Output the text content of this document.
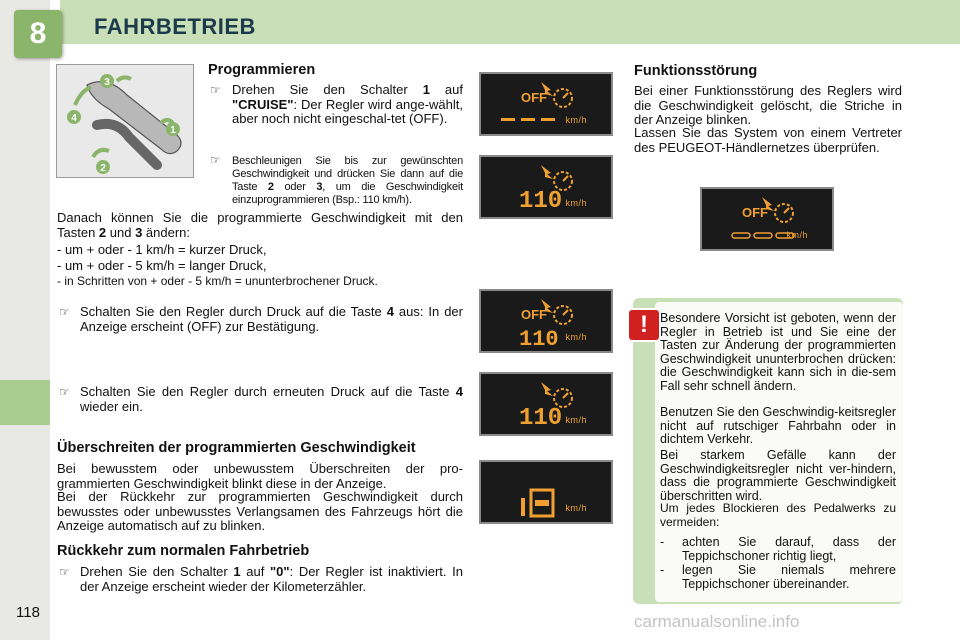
8	FAHRBETRIEB
3
4
1
2
Programmieren
☞ Drehen Sie den Schalter 1 auf "CRUISE": Der Regler wird ange-wählt, aber noch nicht eingeschal-tet (OFF).
☞ Beschleunigen Sie bis zur gewünschten Geschwindigkeit und drücken Sie dann auf die Taste 2 oder 3, um die Geschwindigkeit einzuprogrammieren (Bsp.: 110 km/h).
Danach können Sie die programmierte Geschwindigkeit mit den Tasten 2 und 3 ändern:
- um + oder - 1 km/h = kurzer Druck,
- um + oder - 5 km/h = langer Druck,
- in Schritten von + oder - 5 km/h = ununterbrochener Druck.
☞ Schalten Sie den Regler durch Druck auf die Taste 4 aus: In der Anzeige erscheint (OFF) zur Bestätigung.
☞ Schalten Sie den Regler durch erneuten Druck auf die Taste 4 wieder ein.
Überschreiten der programmierten Geschwindigkeit
Bei bewusstem oder unbewusstem Überschreiten der pro-grammierten Geschwindigkeit blinkt diese in der Anzeige.
Bei der Rückkehr zur programmierten Geschwindigkeit durch bewusstes oder unbewusstes Verlangsamen des Fahrzeugs hört die Anzeige automatisch auf zu blinken.
Rückkehr zum normalen Fahrbetrieb
☞ Drehen Sie den Schalter 1 auf "0": Der Regler ist inaktiviert. In der Anzeige erscheint wieder der Kilometerzähler.
OFF
km/h
110 km/h
OFF
110 km/h
110 km/h
km/h
Funktionsstörung
Bei einer Funktionsstörung des Reglers wird die Geschwindigkeit gelöscht, die Striche in der Anzeige blinken.
Lassen Sie das System von einem Vertreter des PEUGEOT-Händlernetzes überprüfen.
OFF
km/h
! Besondere Vorsicht ist geboten, wenn der Regler in Betrieb ist und Sie eine der Tasten zur Änderung der programmierten Geschwindigkeit ununterbrochen drücken: die Geschwindigkeit kann sich in die-sem Fall sehr schnell ändern.
Benutzen Sie den Geschwindig-keitsregler nicht auf rutschiger Fahrbahn oder in dichtem Verkehr.
Bei starkem Gefälle kann der Geschwindigkeitsregler nicht ver-hindern, dass die programmierte Geschwindigkeit überschritten wird.
Um jedes Blockieren des Pedalwerks zu vermeiden:
-	achten Sie darauf, dass der Teppichschoner richtig liegt,
-	legen Sie niemals mehrere Teppichschoner übereinander.
118	carmanualsonline.info
